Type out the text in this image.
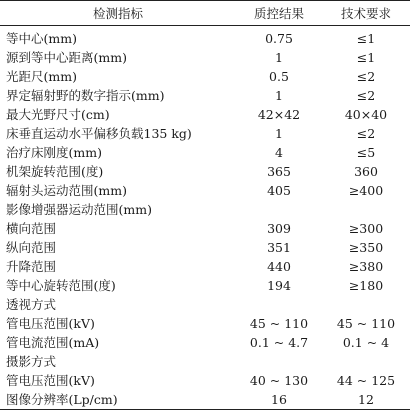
检测指标	质控结果	技术要求
等中心(mm)	0.75	≤1
源到等中心距离(mm)	1	≤1
光距尺(mm)	0.5	≤2
界定辐射野的数字指示(mm)	1	≤2
最大光野尺寸(cm)	42×42	40×40
床垂直运动水平偏移负载135 kg)	1	≤2
治疗床刚度(mm)	4	≤5
机架旋转范围(度)	365	360
辐射头运动范围(mm)	405	≥400
影像增强器运动范围(mm)		
横向范围	309	≥300
纵向范围	351	≥350
升降范围	440	≥380
等中心旋转范围(度)	194	≥180
透视方式		
管电压范围(kV)	45 ~ 110	45 ~ 110
管电流范围(mA)	0.1 ~ 4.7	0.1 ~ 4
摄影方式		
管电压范围(kV)	40 ~ 130	44 ~ 125
图像分辨率(Lp/cm)	16	12
